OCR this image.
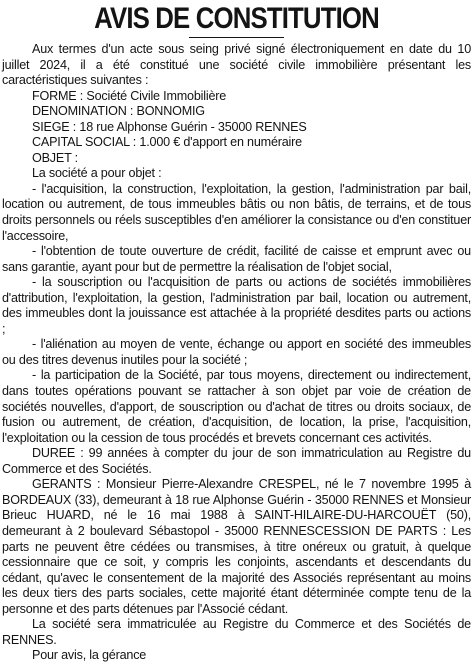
AVIS DE CONSTITUTION

Aux termes d'un acte sous seing privé signé électroniquement en date du 10 juillet 2024, il a été constitué une société civile immobilière présentant les caractéristiques suivantes :

FORME : Société Civile Immobilière

DENOMINATION : BONNOMIG

SIEGE : 18 rue Alphonse Guérin - 35000 RENNES

CAPITAL SOCIAL : 1.000 € d'apport en numéraire

OBJET :

La société a pour objet :

- l'acquisition, la construction, l'exploitation, la gestion, l'administration par bail, location ou autrement, de tous immeubles bâtis ou non bâtis, de terrains, et de tous droits personnels ou réels susceptibles d'en améliorer la consistance ou d'en constituer l'accessoire,

- l'obtention de toute ouverture de crédit, facilité de caisse et emprunt avec ou sans garantie, ayant pour but de permettre la réalisation de l'objet social,

- la souscription ou l'acquisition de parts ou actions de sociétés immobilières d'attribution, l'exploitation, la gestion, l'administration par bail, location ou autrement, des immeubles dont la jouissance est attachée à la propriété desdites parts ou actions ;

- l'aliénation au moyen de vente, échange ou apport en société des immeubles ou des titres devenus inutiles pour la société ;

- la participation de la Société, par tous moyens, directement ou indirectement, dans toutes opérations pouvant se rattacher à son objet par voie de création de sociétés nouvelles, d'apport, de souscription ou d'achat de titres ou droits sociaux, de fusion ou autrement, de création, d'acquisition, de location, la prise, l'acquisition, l'exploitation ou la cession de tous procédés et brevets concernant ces activités.

DUREE : 99 années à compter du jour de son immatriculation au Registre du Commerce et des Sociétés.

GERANTS : Monsieur Pierre-Alexandre CRESPEL, né le 7 novembre 1995 à BORDEAUX (33), demeurant à 18 rue Alphonse Guérin - 35000 RENNES et Monsieur Brieuc HUARD, né le 16 mai 1988 à SAINT-HILAIRE-DU-HARCOUËT (50), demeurant à 2 boulevard Sébastopol - 35000 RENNESCESSION DE PARTS : Les parts ne peuvent être cédées ou transmises, à titre onéreux ou gratuit, à quelque cessionnaire que ce soit, y compris les conjoints, ascendants et descendants du cédant, qu'avec le consentement de la majorité des Associés représentant au moins les deux tiers des parts sociales, cette majorité étant déterminée compte tenu de la personne et des parts détenues par l'Associé cédant.

La société sera immatriculée au Registre du Commerce et des Sociétés de RENNES.

Pour avis, la gérance
